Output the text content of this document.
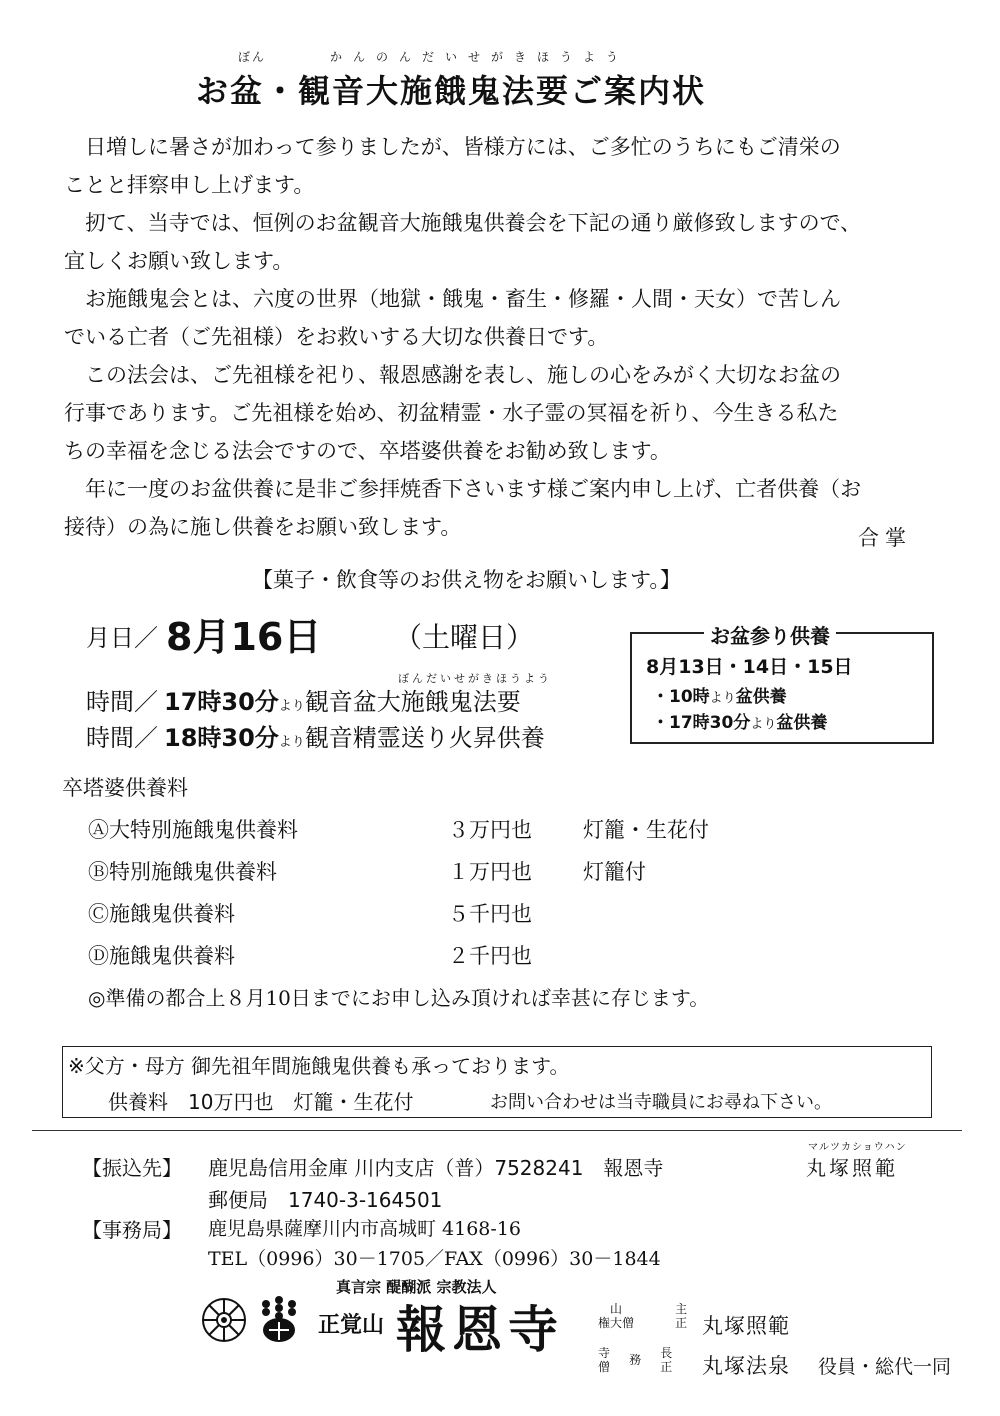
ぼん	かんのんだいせがきほうよう
お盆・観音大施餓鬼法要ご案内状

日増しに暑さが加わって参りましたが、皆様方には、ご多忙のうちにもご清栄の

ことと拝察申し上げます。

扨て、当寺では、恒例のお盆観音大施餓鬼供養会を下記の通り厳修致しますので、

宜しくお願い致します。

お施餓鬼会とは、六度の世界（地獄・餓鬼・畜生・修羅・人間・天女）で苦しん

でいる亡者（ご先祖様）をお救いする大切な供養日です。

この法会は、ご先祖様を祀り、報恩感謝を表し、施しの心をみがく大切なお盆の

行事であります。ご先祖様を始め、初盆精霊・水子霊の冥福を祈り、今生きる私た

ちの幸福を念じる法会ですので、卒塔婆供養をお勧め致します。

年に一度のお盆供養に是非ご参拝焼香下さいます様ご案内申し上げ、亡者供養（お

接待）の為に施し供養をお願い致します。	合掌
【菓子・飲食等のお供え物をお願いします。】
月日／ 8月16日	（土曜日）
ぼんだいせがきほうよう
時間／ 17時30分より観音盆大施餓鬼法要
時間／ 18時30分より観音精霊送り火昇供養
お盆参り供養
8月13日・14日・15日
・10時より盆供養
・17時30分より盆供養
卒塔婆供養料
Ⓐ大特別施餓鬼供養料	３万円也 灯籠・生花付
Ⓑ特別施餓鬼供養料	１万円也 灯籠付
Ⓒ施餓鬼供養料	５千円也
Ⓓ施餓鬼供養料	２千円也
◎準備の都合上８月10日までにお申し込み頂ければ幸甚に存じます。
※父方・母方 御先祖年間施餓鬼供養も承っております。
供養料　10万円也　灯籠・生花付	お問い合わせは当寺職員にお尋ね下さい。
【振込先】 鹿児島信用金庫 川内支店（普）7528241　報恩寺
マルツカショウハン
丸塚照範
郵便局　1740-3-164501
【事務局】 鹿児島県薩摩川内市高城町 4168-16
TEL（0996）30－1705／FAX（0996）30－1844
真言宗 醍醐派 宗教法人
正覚山 報恩寺	山
権大僧 主
正 丸塚照範
寺
僧 務 長
正 丸塚法泉 役員・総代一同
